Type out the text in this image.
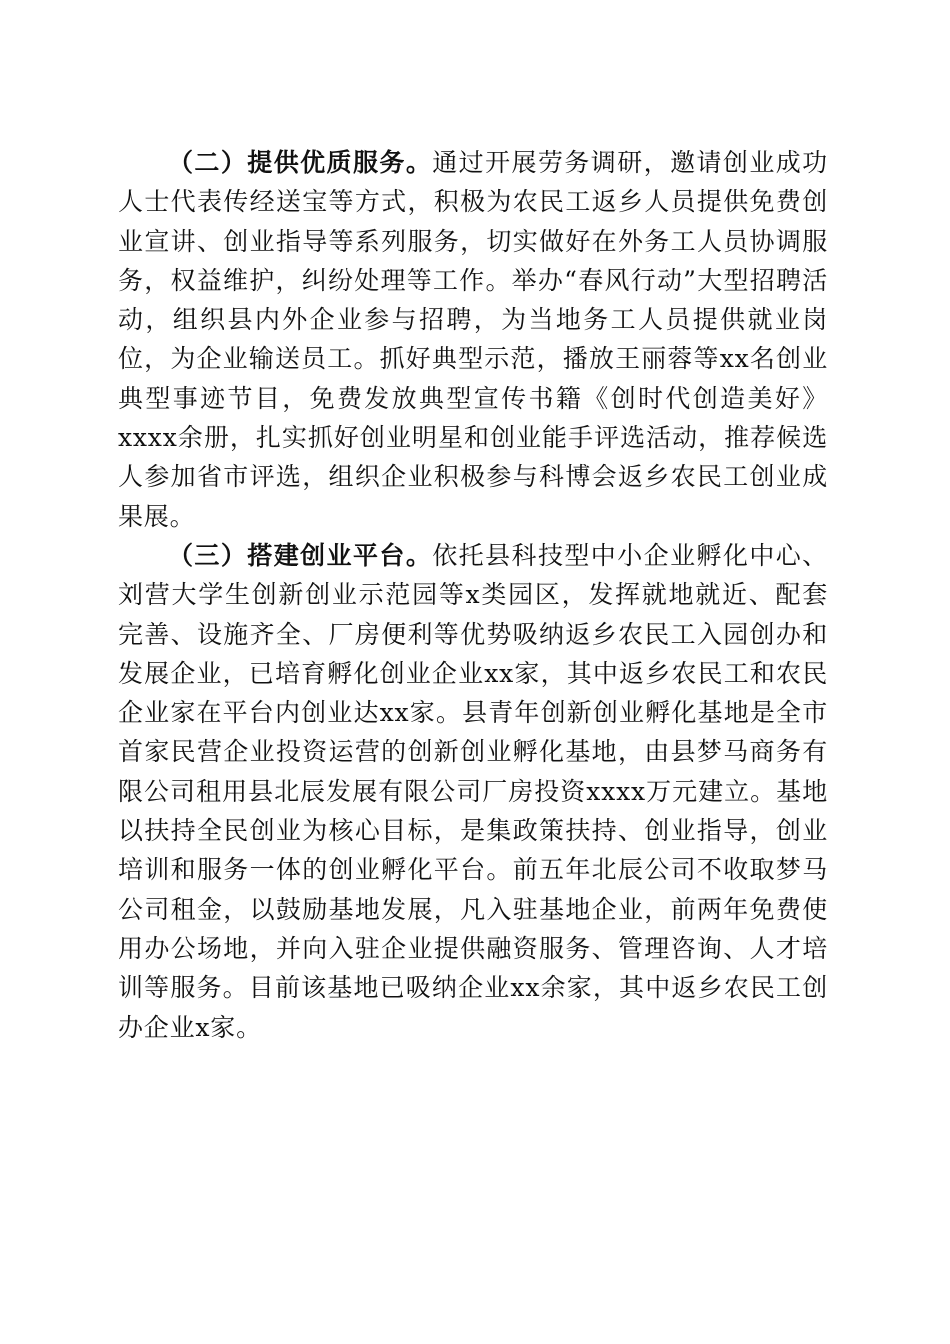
（二）提供优质服务。通过开展劳务调研，邀请创业成功人士代表传经送宝等方式，积极为农民工返乡人员提供免费创业宣讲、创业指导等系列服务，切实做好在外务工人员协调服务，权益维护，纠纷处理等工作。举办“春风行动”大型招聘活动，组织县内外企业参与招聘，为当地务工人员提供就业岗位，为企业输送员工。抓好典型示范，播放王丽蓉等xx名创业典型事迹节目，免费发放典型宣传书籍《创时代创造美好》xxxx余册，扎实抓好创业明星和创业能手评选活动，推荐候选人参加省市评选，组织企业积极参与科博会返乡农民工创业成果展。

（三）搭建创业平台。依托县科技型中小企业孵化中心、刘营大学生创新创业示范园等x类园区，发挥就地就近、配套完善、设施齐全、厂房便利等优势吸纳返乡农民工入园创办和发展企业，已培育孵化创业企业xx家，其中返乡农民工和农民企业家在平台内创业达xx家。县青年创新创业孵化基地是全市首家民营企业投资运营的创新创业孵化基地，由县梦马商务有限公司租用县北辰发展有限公司厂房投资xxxx万元建立。基地以扶持全民创业为核心目标，是集政策扶持、创业指导，创业培训和服务一体的创业孵化平台。前五年北辰公司不收取梦马公司租金，以鼓励基地发展，凡入驻基地企业，前两年免费使用办公场地，并向入驻企业提供融资服务、管理咨询、人才培训等服务。目前该基地已吸纳企业xx余家，其中返乡农民工创办企业x家。
